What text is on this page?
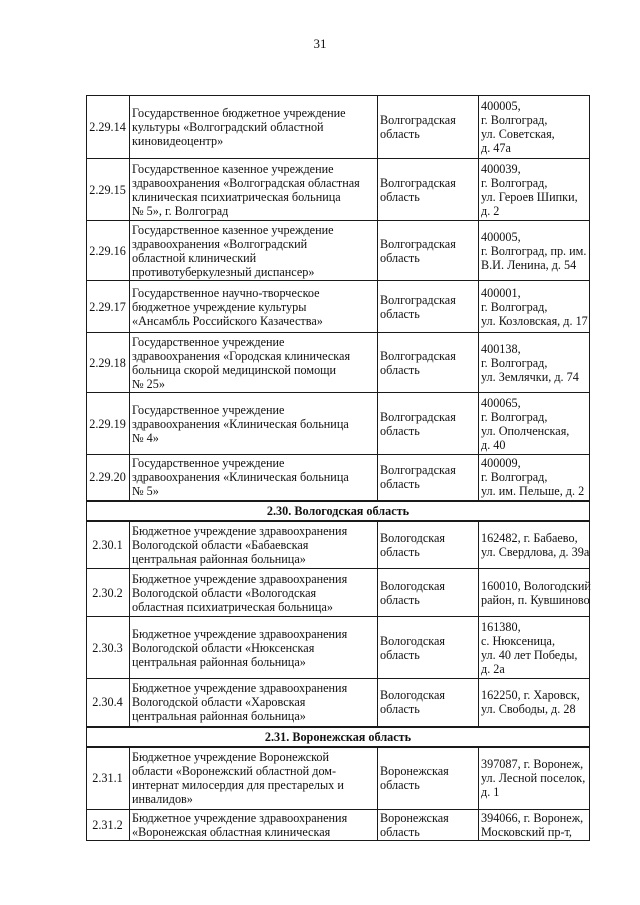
31
2.29.14	Государственное бюджетное учреждение
культуры «Волгоградский областной
киновидеоцентр»	Волгоградская
область	400005,
г. Волгоград,
ул. Советская,
д. 47а

2.29.15	Государственное казенное учреждение
здравоохранения «Волгоградская областная
клиническая психиатрическая больница
№ 5», г. Волгоград	Волгоградская
область	400039,
г. Волгоград,
ул. Героев Шипки,
д. 2

2.29.16	Государственное казенное учреждение
здравоохранения «Волгоградский
областной клинический
противотуберкулезный диспансер»	Волгоградская
область	400005,
г. Волгоград, пр. им.
В.И. Ленина, д. 54

2.29.17	Государственное научно-творческое
бюджетное учреждение культуры
«Ансамбль Российского Казачества»	Волгоградская
область	400001,
г. Волгоград,
ул. Козловская, д. 17

2.29.18	Государственное учреждение
здравоохранения «Городская клиническая
больница скорой медицинской помощи
№ 25»	Волгоградская
область	400138,
г. Волгоград,
ул. Землячки, д. 74

2.29.19	Государственное учреждение
здравоохранения «Клиническая больница
№ 4»	Волгоградская
область	400065,
г. Волгоград,
ул. Ополченская,
д. 40

2.29.20	Государственное учреждение
здравоохранения «Клиническая больница
№ 5»	Волгоградская
область	400009,
г. Волгоград,
ул. им. Пельше, д. 2

2.30. Вологодская область			
2.30.1	Бюджетное учреждение здравоохранения
Вологодской области «Бабаевская
центральная районная больница»	Вологодская
область	162482, г. Бабаево,
ул. Свердлова, д. 39а

2.30.2	Бюджетное учреждение здравоохранения
Вологодской области «Вологодская
областная психиатрическая больница»	Вологодская
область	160010, Вологодский
район, п. Кувшиново

2.30.3	Бюджетное учреждение здравоохранения
Вологодской области «Нюксенская
центральная районная больница»	Вологодская
область	161380,
с. Нюксеница,
ул. 40 лет Победы,
д. 2а

2.30.4	Бюджетное учреждение здравоохранения
Вологодской области «Харовская
центральная районная больница»	Вологодская
область	162250, г. Харовск,
ул. Свободы, д. 28

2.31. Воронежская область			
2.31.1	Бюджетное учреждение Воронежской
области «Воронежский областной дом-
интернат милосердия для престарелых и
инвалидов»	Воронежская
область	397087, г. Воронеж,
ул. Лесной поселок,
д. 1

2.31.2	Бюджетное учреждение здравоохранения
«Воронежская областная клиническая	Воронежская
область	394066, г. Воронеж,
Московский пр-т,
